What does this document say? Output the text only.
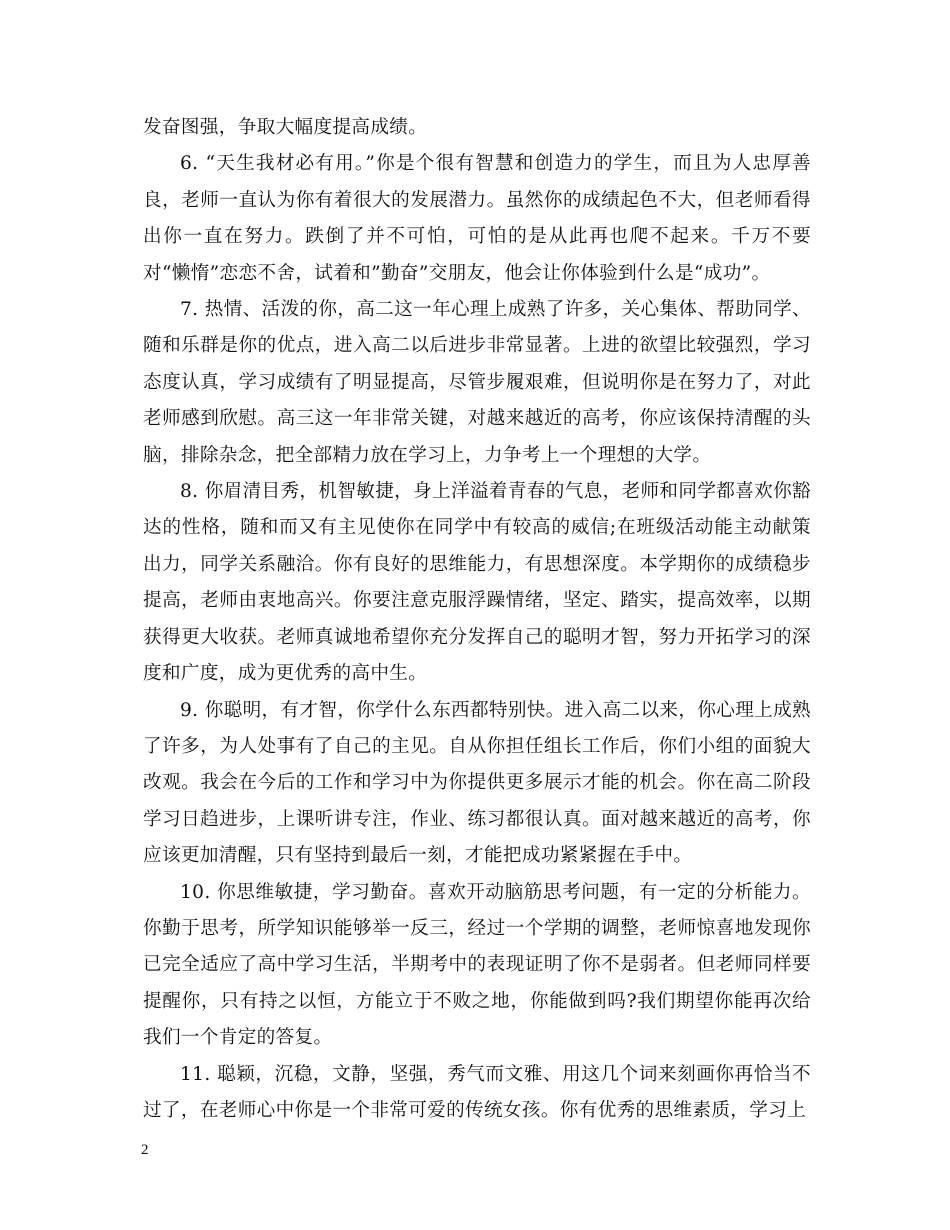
发奋图强，争取大幅度提高成绩。

6. “天生我材必有用。”你是个很有智慧和创造力的学生，而且为人忠厚善良，老师一直认为你有着很大的发展潜力。虽然你的成绩起色不大，但老师看得出你一直在努力。跌倒了并不可怕，可怕的是从此再也爬不起来。千万不要对“懒惰”恋恋不舍，试着和”勤奋”交朋友，他会让你体验到什么是“成功”。

7. 热情、活泼的你，高二这一年心理上成熟了许多，关心集体、帮助同学、随和乐群是你的优点，进入高二以后进步非常显著。上进的欲望比较强烈，学习态度认真，学习成绩有了明显提高，尽管步履艰难，但说明你是在努力了，对此老师感到欣慰。高三这一年非常关键，对越来越近的高考，你应该保持清醒的头脑，排除杂念，把全部精力放在学习上，力争考上一个理想的大学。

8. 你眉清目秀，机智敏捷，身上洋溢着青春的气息，老师和同学都喜欢你豁达的性格，随和而又有主见使你在同学中有较高的威信;在班级活动能主动献策出力，同学关系融洽。你有良好的思维能力，有思想深度。本学期你的成绩稳步提高，老师由衷地高兴。你要注意克服浮躁情绪，坚定、踏实，提高效率，以期获得更大收获。老师真诚地希望你充分发挥自己的聪明才智，努力开拓学习的深度和广度，成为更优秀的高中生。

9. 你聪明，有才智，你学什么东西都特别快。进入高二以来，你心理上成熟了许多，为人处事有了自己的主见。自从你担任组长工作后，你们小组的面貌大改观。我会在今后的工作和学习中为你提供更多展示才能的机会。你在高二阶段学习日趋进步，上课听讲专注，作业、练习都很认真。面对越来越近的高考，你应该更加清醒，只有坚持到最后一刻，才能把成功紧紧握在手中。

10. 你思维敏捷，学习勤奋。喜欢开动脑筋思考问题，有一定的分析能力。你勤于思考，所学知识能够举一反三，经过一个学期的调整，老师惊喜地发现你已完全适应了高中学习生活，半期考中的表现证明了你不是弱者。但老师同样要提醒你，只有持之以恒，方能立于不败之地，你能做到吗?我们期望你能再次给我们一个肯定的答复。

11. 聪颖，沉稳，文静，坚强，秀气而文雅、用这几个词来刻画你再恰当不过了，在老师心中你是一个非常可爱的传统女孩。你有优秀的思维素质，学习上

2
